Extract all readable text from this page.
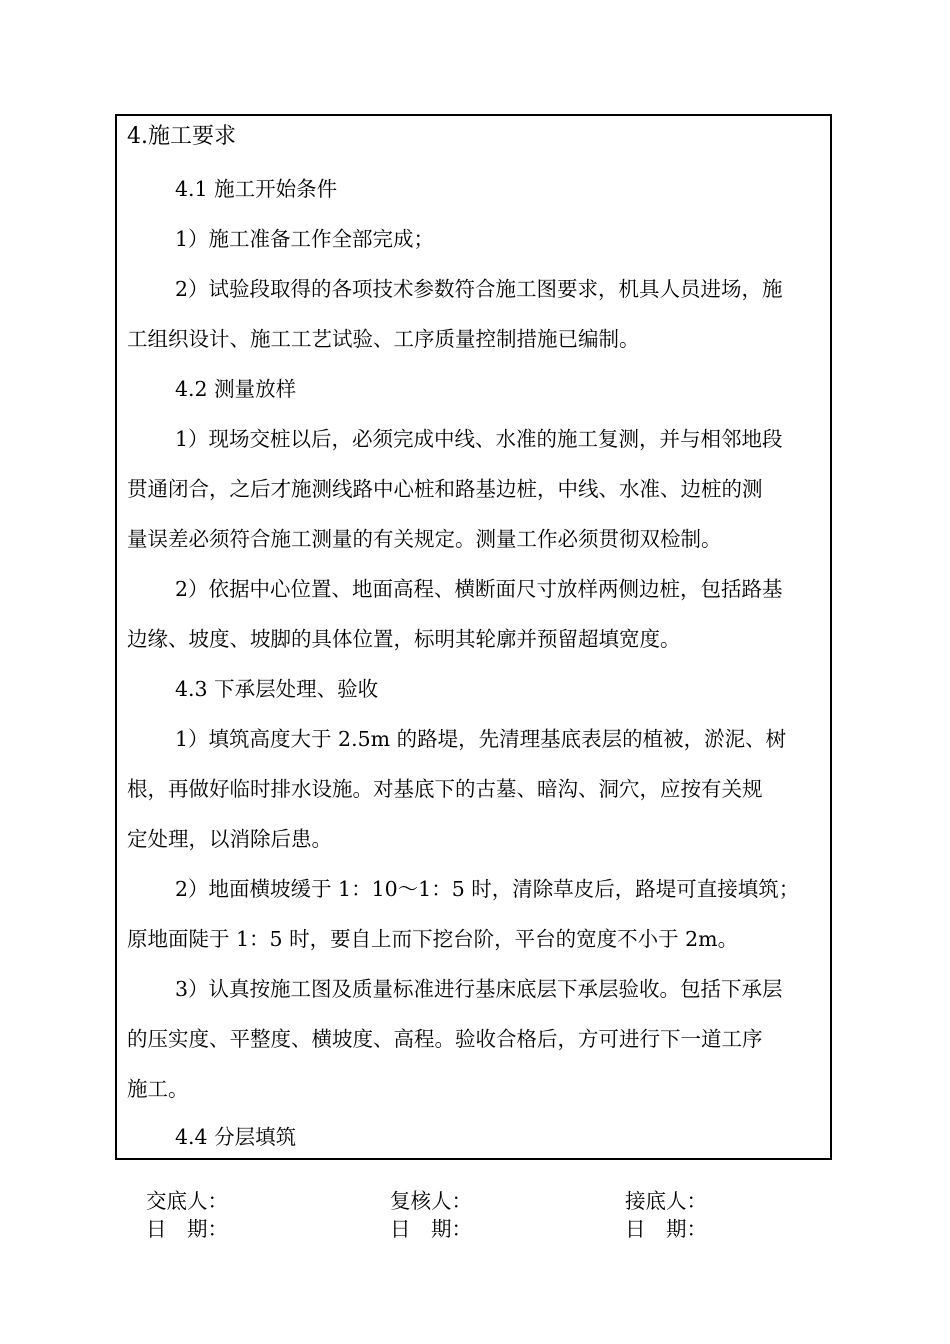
4.施工要求
4.1 施工开始条件
1）施工准备工作全部完成；
2）试验段取得的各项技术参数符合施工图要求，机具人员进场，施
工组织设计、施工工艺试验、工序质量控制措施已编制。
4.2 测量放样
1）现场交桩以后，必须完成中线、水准的施工复测，并与相邻地段
贯通闭合，之后才施测线路中心桩和路基边桩，中线、水准、边桩的测
量误差必须符合施工测量的有关规定。测量工作必须贯彻双检制。
2）依据中心位置、地面高程、横断面尺寸放样两侧边桩，包括路基
边缘、坡度、坡脚的具体位置，标明其轮廓并预留超填宽度。
4.3 下承层处理、验收
1）填筑高度大于 2.5m 的路堤，先清理基底表层的植被，淤泥、树
根，再做好临时排水设施。对基底下的古墓、暗沟、洞穴，应按有关规
定处理，以消除后患。
2）地面横坡缓于 1：10～1：5 时，清除草皮后，路堤可直接填筑；
原地面陡于 1：5 时，要自上而下挖台阶，平台的宽度不小于 2m。
3）认真按施工图及质量标准进行基床底层下承层验收。包括下承层
的压实度、平整度、横坡度、高程。验收合格后，方可进行下一道工序
施工。
4.4 分层填筑
交底人：	复核人：	接底人：
日　期：	日　期：	日　期：
